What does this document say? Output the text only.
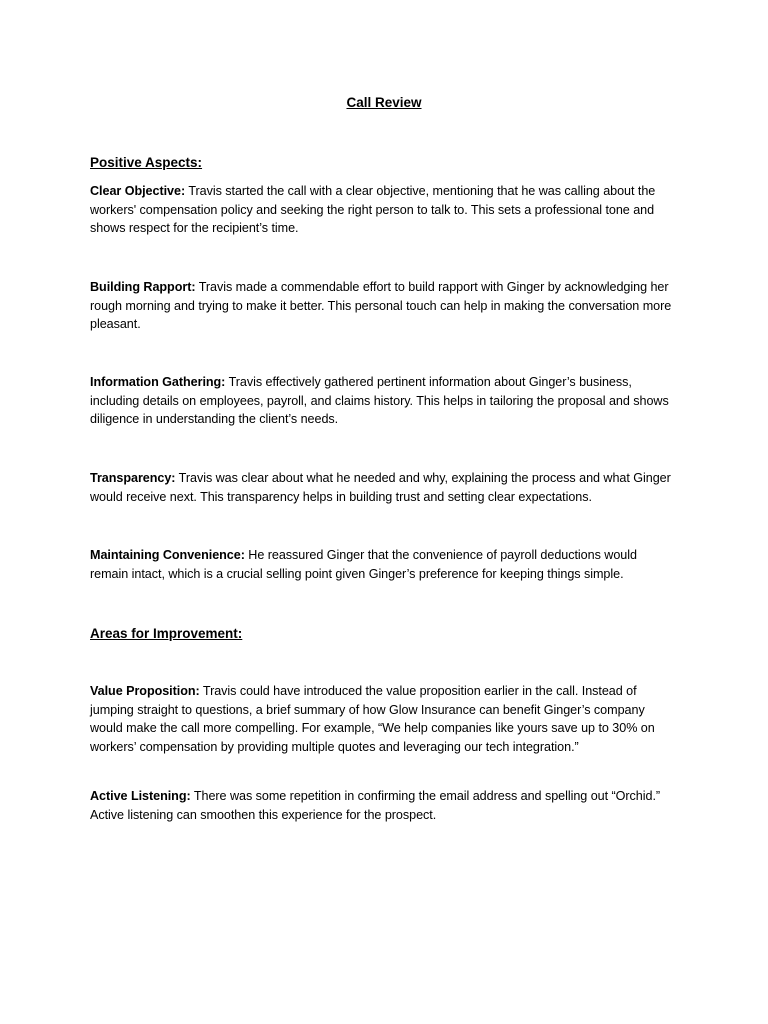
Call Review
Positive Aspects:

Clear Objective: Travis started the call with a clear objective, mentioning that he was calling about the workers' compensation policy and seeking the right person to talk to. This sets a professional tone and shows respect for the recipient’s time.

Building Rapport: Travis made a commendable effort to build rapport with Ginger by acknowledging her rough morning and trying to make it better. This personal touch can help in making the conversation more pleasant.

Information Gathering: Travis effectively gathered pertinent information about Ginger’s business, including details on employees, payroll, and claims history. This helps in tailoring the proposal and shows diligence in understanding the client’s needs.

Transparency: Travis was clear about what he needed and why, explaining the process and what Ginger would receive next. This transparency helps in building trust and setting clear expectations.

Maintaining Convenience: He reassured Ginger that the convenience of payroll deductions would remain intact, which is a crucial selling point given Ginger’s preference for keeping things simple.

Areas for Improvement:

Value Proposition: Travis could have introduced the value proposition earlier in the call. Instead of jumping straight to questions, a brief summary of how Glow Insurance can benefit Ginger’s company would make the call more compelling. For example, “We help companies like yours save up to 30% on workers’ compensation by providing multiple quotes and leveraging our tech integration.”

Active Listening: There was some repetition in confirming the email address and spelling out “Orchid.” Active listening can smoothen this experience for the prospect.
